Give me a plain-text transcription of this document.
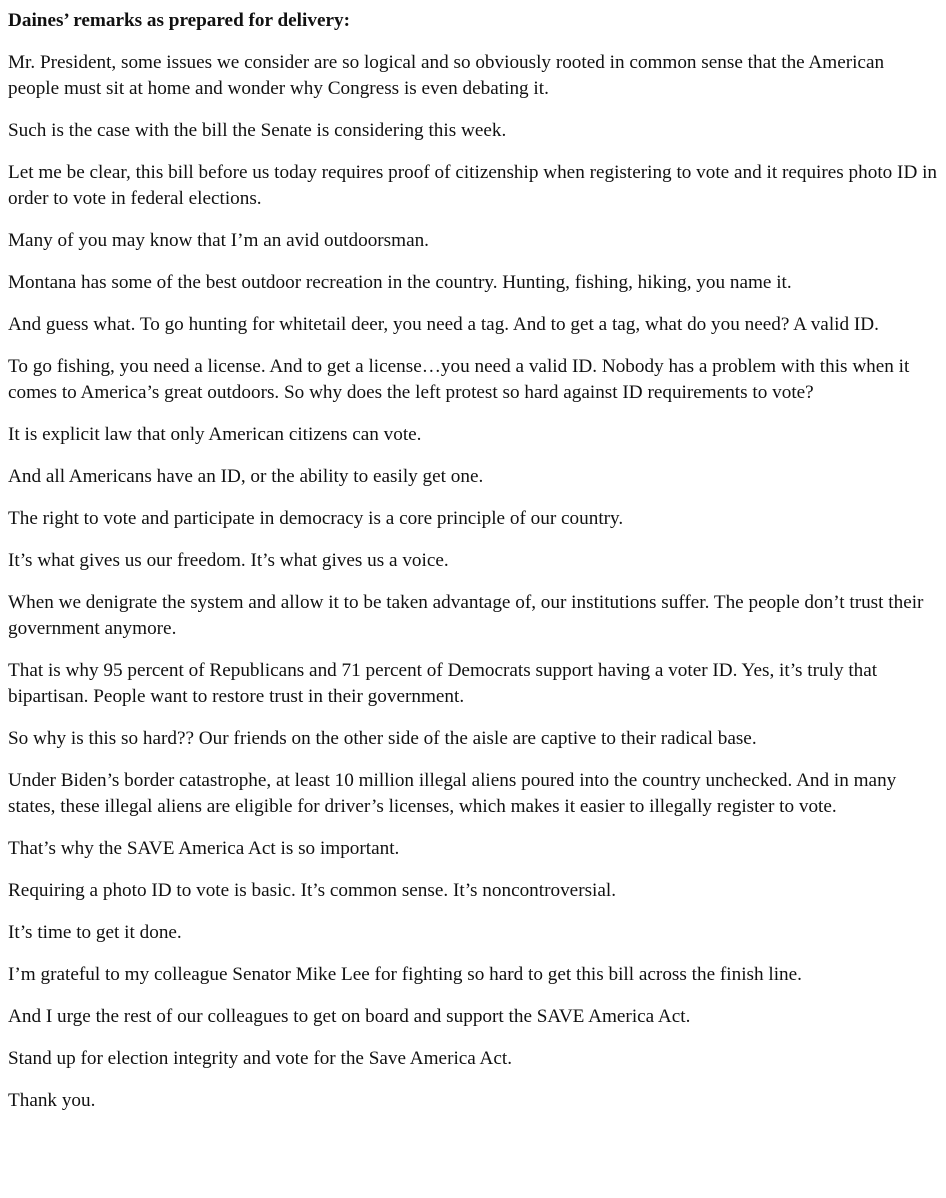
Daines’ remarks as prepared for delivery:

Mr. President, some issues we consider are so logical and so obviously rooted in common sense that the American people must sit at home and wonder why Congress is even debating it.

Such is the case with the bill the Senate is considering this week.

Let me be clear, this bill before us today requires proof of citizenship when registering to vote and it requires photo ID in order to vote in federal elections.

Many of you may know that I’m an avid outdoorsman.

Montana has some of the best outdoor recreation in the country. Hunting, fishing, hiking, you name it.

And guess what. To go hunting for whitetail deer, you need a tag. And to get a tag, what do you need? A valid ID.

To go fishing, you need a license. And to get a license…you need a valid ID. Nobody has a problem with this when it comes to America’s great outdoors. So why does the left protest so hard against ID requirements to vote?

It is explicit law that only American citizens can vote.

And all Americans have an ID, or the ability to easily get one.

The right to vote and participate in democracy is a core principle of our country.

It’s what gives us our freedom. It’s what gives us a voice.

When we denigrate the system and allow it to be taken advantage of, our institutions suffer. The people don’t trust their government anymore.

That is why 95 percent of Republicans and 71 percent of Democrats support having a voter ID. Yes, it’s truly that bipartisan. People want to restore trust in their government.

So why is this so hard?? Our friends on the other side of the aisle are captive to their radical base.

Under Biden’s border catastrophe, at least 10 million illegal aliens poured into the country unchecked. And in many states, these illegal aliens are eligible for driver’s licenses, which makes it easier to illegally register to vote.

That’s why the SAVE America Act is so important.

Requiring a photo ID to vote is basic. It’s common sense. It’s noncontroversial.

It’s time to get it done.

I’m grateful to my colleague Senator Mike Lee for fighting so hard to get this bill across the finish line.

And I urge the rest of our colleagues to get on board and support the SAVE America Act.

Stand up for election integrity and vote for the Save America Act.

Thank you.
